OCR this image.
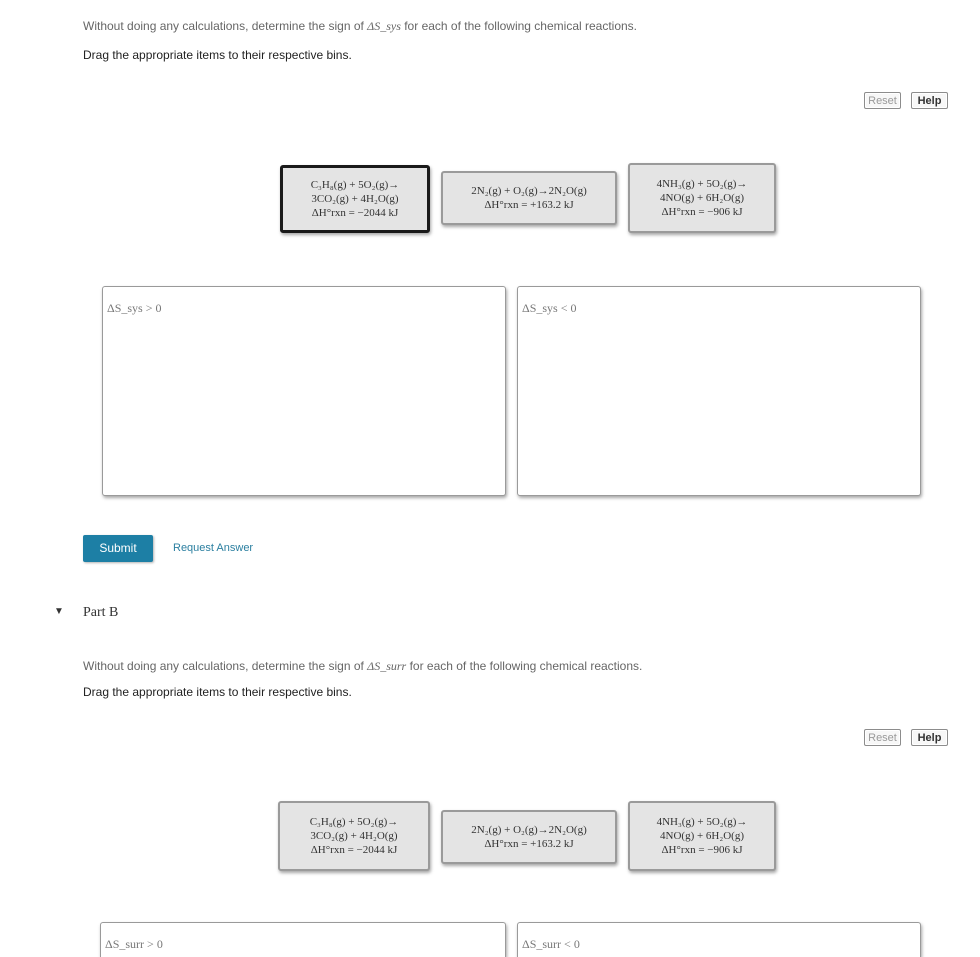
Without doing any calculations, determine the sign of ΔS_sys for each of the following chemical reactions.
Drag the appropriate items to their respective bins.
Reset	Help
C₃H₈(g) + 5O₂(g)→
3CO₂(g) + 4H₂O(g)
ΔH°rxn = −2044 kJ
2N₂(g) + O₂(g)→2N₂O(g)
ΔH°rxn = +163.2 kJ
4NH₃(g) + 5O₂(g)→
4NO(g) + 6H₂O(g)
ΔH°rxn = −906 kJ
ΔS_sys > 0	ΔS_sys < 0
Submit	Request Answer
▼ Part B
Without doing any calculations, determine the sign of ΔS_surr for each of the following chemical reactions.
Drag the appropriate items to their respective bins.
Reset	Help
C₃H₈(g) + 5O₂(g)→
3CO₂(g) + 4H₂O(g)
ΔH°rxn = −2044 kJ
2N₂(g) + O₂(g)→2N₂O(g)
ΔH°rxn = +163.2 kJ
4NH₃(g) + 5O₂(g)→
4NO(g) + 6H₂O(g)
ΔH°rxn = −906 kJ
ΔS_surr > 0	ΔS_surr < 0
